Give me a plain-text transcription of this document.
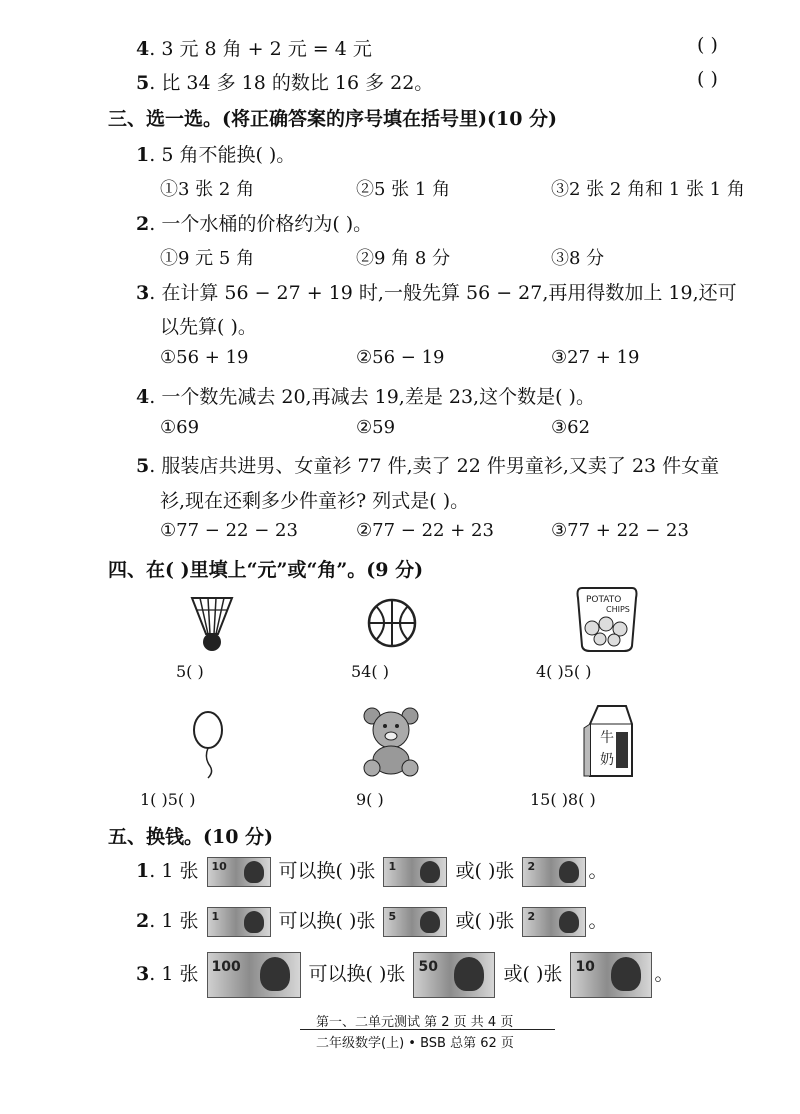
4. 3 元 8 角 + 2 元 = 4 元	( )
5. 比 34 多 18 的数比 16 多 22。	( )
三、选一选。(将正确答案的序号填在括号里)(10 分)
1. 5 角不能换( )。
①3 张 2 角	②5 张 1 角	③2 张 2 角和 1 张 1 角
2. 一个水桶的价格约为( )。
①9 元 5 角	②9 角 8 分	③8 分
3. 在计算 56 − 27 + 19 时,一般先算 56 − 27,再用得数加上 19,还可
以先算( )。
①56 + 19	②56 − 19	③27 + 19
4. 一个数先减去 20,再减去 19,差是 23,这个数是( )。
①69	②59	③62
5. 服装店共进男、女童衫 77 件,卖了 22 件男童衫,又卖了 23 件女童
衫,现在还剩多少件童衫? 列式是( )。
①77 − 22 − 23	②77 − 22 + 23	③77 + 22 − 23
四、在( )里填上“元”或“角”。(9 分)
5( )	54( )
POTATO
CHIPS
4( )5( )
1( )5( )	9( )
牛
奶
15( )8( )
五、换钱。(10 分)
1. 1 张 10	可以换( )张 1	或( )张 2	。
2. 1 张 1	可以换( )张 5	或( )张 2	。
3. 1 张 100	可以换( )张 50	或( )张 10	。
第一、二单元测试 第 2 页 共 4 页
二年级数学(上) • BSB 总第 62 页
